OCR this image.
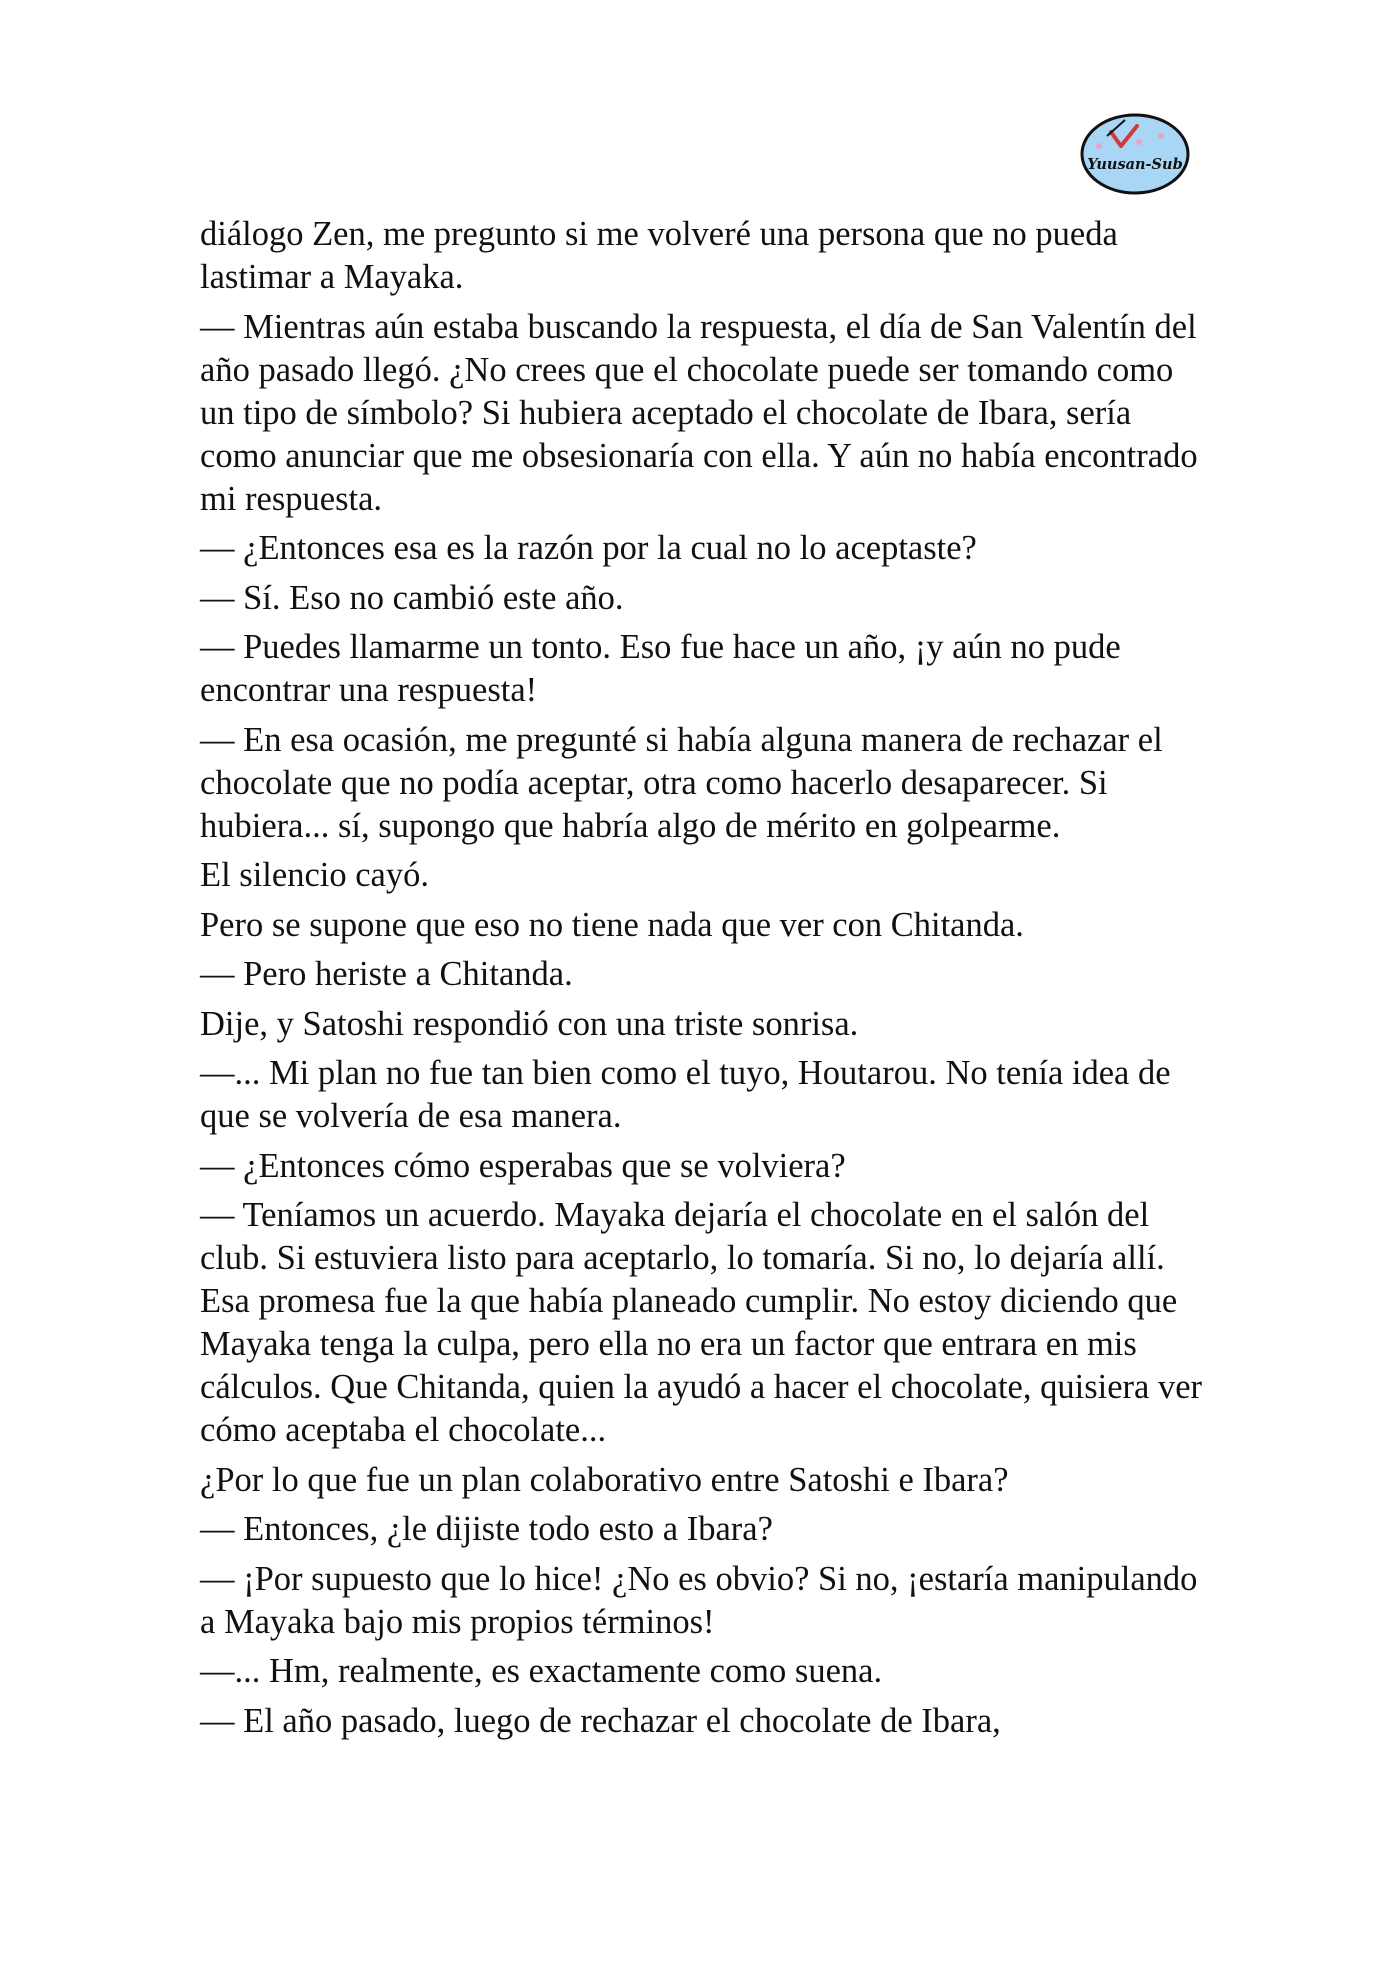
Yuusan-Sub

diálogo Zen, me pregunto si me volveré una persona que no pueda lastimar a Mayaka.

— Mientras aún estaba buscando la respuesta, el día de San Valentín del año pasado llegó. ¿No crees que el chocolate puede ser tomando como un tipo de símbolo? Si hubiera aceptado el chocolate de Ibara, sería como anunciar que me obsesionaría con ella. Y aún no había encontrado mi respuesta.

— ¿Entonces esa es la razón por la cual no lo aceptaste?

— Sí. Eso no cambió este año.

— Puedes llamarme un tonto. Eso fue hace un año, ¡y aún no pude encontrar una respuesta!

— En esa ocasión, me pregunté si había alguna manera de rechazar el chocolate que no podía aceptar, otra como hacerlo desaparecer. Si hubiera... sí, supongo que habría algo de mérito en golpearme.

El silencio cayó.

Pero se supone que eso no tiene nada que ver con Chitanda.

— Pero heriste a Chitanda.

Dije, y Satoshi respondió con una triste sonrisa.

—... Mi plan no fue tan bien como el tuyo, Houtarou. No tenía idea de que se volvería de esa manera.

— ¿Entonces cómo esperabas que se volviera?

— Teníamos un acuerdo. Mayaka dejaría el chocolate en el salón del club. Si estuviera listo para aceptarlo, lo tomaría. Si no, lo dejaría allí. Esa promesa fue la que había planeado cumplir. No estoy diciendo que Mayaka tenga la culpa, pero ella no era un factor que entrara en mis cálculos. Que Chitanda, quien la ayudó a hacer el chocolate, quisiera ver cómo aceptaba el chocolate...

¿Por lo que fue un plan colaborativo entre Satoshi e Ibara?

— Entonces, ¿le dijiste todo esto a Ibara?

— ¡Por supuesto que lo hice! ¿No es obvio? Si no, ¡estaría manipulando a Mayaka bajo mis propios términos!

—... Hm, realmente, es exactamente como suena.

— El año pasado, luego de rechazar el chocolate de Ibara,
